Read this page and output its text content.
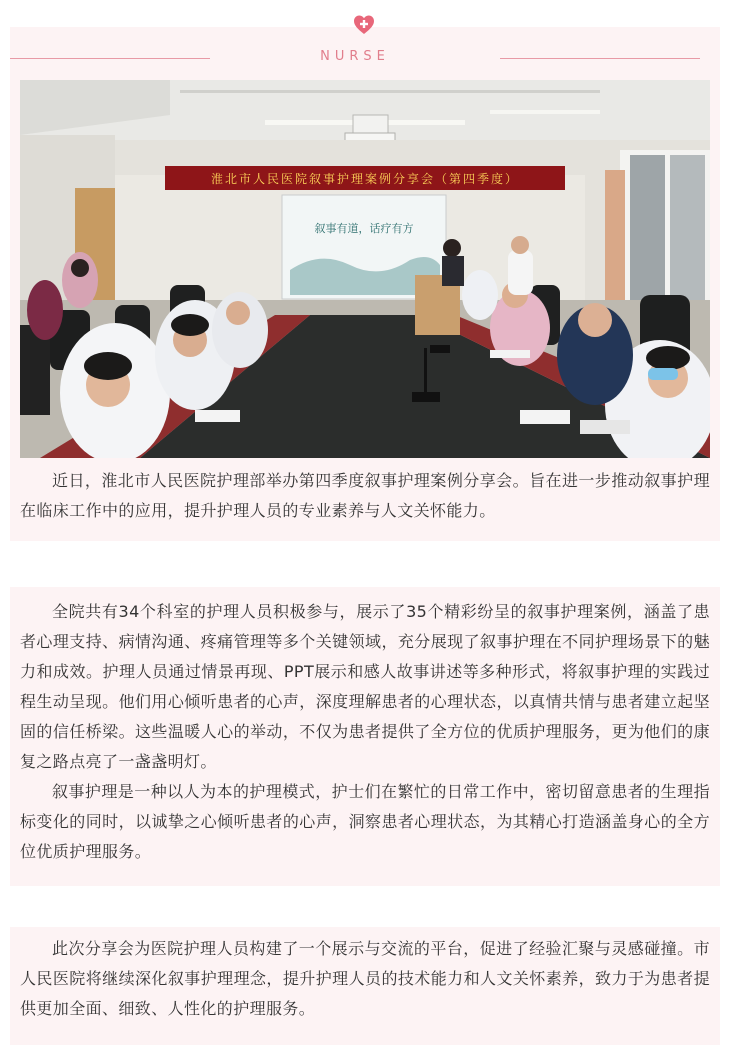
NURSE
淮北市人民医院叙事护理案例分享会（第四季度）
叙事有道，话疗有方

近日，淮北市人民医院护理部举办第四季度叙事护理案例分享会。旨在进一步推动叙事护理在临床工作中的应用，提升护理人员的专业素养与人文关怀能力。

全院共有34个科室的护理人员积极参与，展示了35个精彩纷呈的叙事护理案例，涵盖了患者心理支持、病情沟通、疼痛管理等多个关键领域，充分展现了叙事护理在不同护理场景下的魅力和成效。护理人员通过情景再现、PPT展示和感人故事讲述等多种形式，将叙事护理的实践过程生动呈现。他们用心倾听患者的心声，深度理解患者的心理状态，以真情共情与患者建立起坚固的信任桥梁。这些温暖人心的举动，不仅为患者提供了全方位的优质护理服务，更为他们的康复之路点亮了一盏盏明灯。

叙事护理是一种以人为本的护理模式，护士们在繁忙的日常工作中，密切留意患者的生理指标变化的同时，以诚挚之心倾听患者的心声，洞察患者心理状态，为其精心打造涵盖身心的全方位优质护理服务。

此次分享会为医院护理人员构建了一个展示与交流的平台，促进了经验汇聚与灵感碰撞。市人民医院将继续深化叙事护理理念，提升护理人员的技术能力和人文关怀素养，致力于为患者提供更加全面、细致、人性化的护理服务。
